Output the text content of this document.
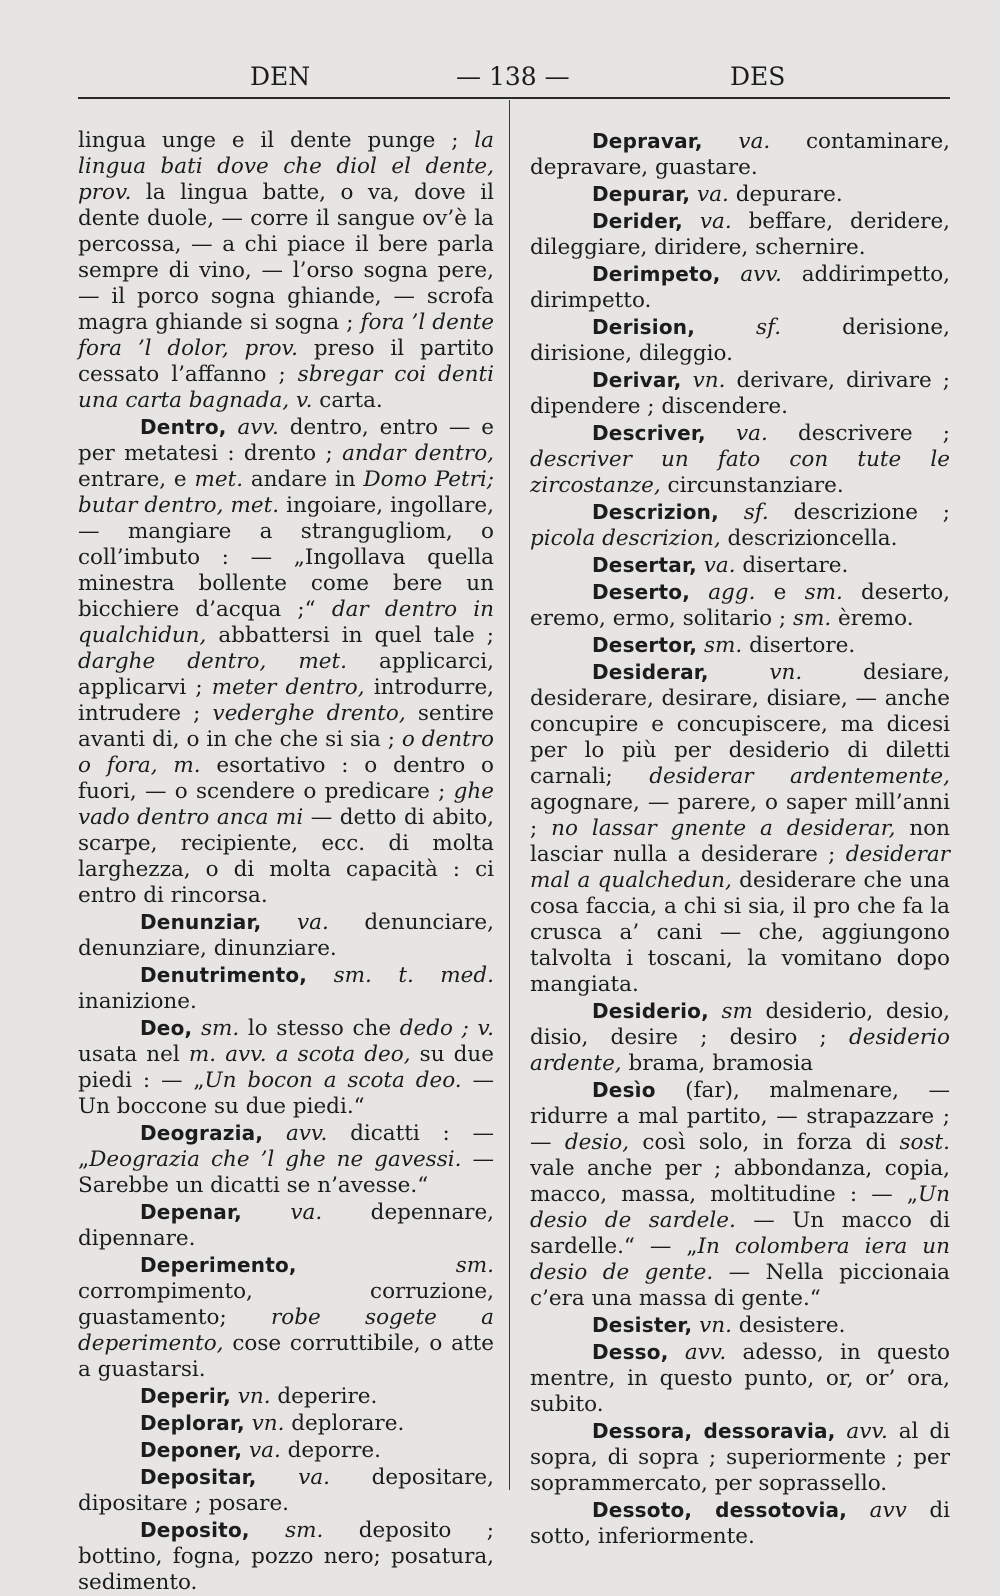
DEN	— 138 —	DES

lingua unge e il dente punge ; la lingua bati dove che diol el dente, prov. la lingua batte, o va, dove il dente duole, — corre il sangue ov’è la percossa, — a chi piace il bere parla sempre di vino, — l’orso sogna pere, — il porco sogna ghiande, — scrofa magra ghiande si sogna ; fora ’l dente fora ’l dolor, prov. preso il partito cessato l’affanno ; sbregar coi denti una carta bagnada, v. carta.

Dentro, avv. dentro, entro — e per metatesi : drento ; andar dentro, entrare, e met. andare in Domo Petri; butar dentro, met. ingoiare, ingollare, — mangiare a strangugliom, o coll’imbuto : — „Ingollava quella minestra bollente come bere un bicchiere d’acqua ;“ dar dentro in qualchidun, abbattersi in quel tale ; darghe dentro, met. applicarci, applicarvi ; meter dentro, introdurre, intrudere ; vederghe drento, sentire avanti di, o in che che si sia ; o dentro o fora, m. esortativo : o dentro o fuori, — o scendere o predicare ; ghe vado dentro anca mi — detto di abito, scarpe, recipiente, ecc. di molta larghezza, o di molta capacità : ci entro di rincorsa.

Denunziar, va. denunciare, denunziare, dinunziare.

Denutrimento, sm. t. med. inanizione.

Deo, sm. lo stesso che dedo ; v. usata nel m. avv. a scota deo, su due piedi : — „Un bocon a scota deo. — Un boccone su due piedi.“

Deograzia, avv. dicatti : — „Deograzia che ’l ghe ne gavessi. — Sarebbe un dicatti se n’avesse.“

Depenar, va. depennare, dipennare.

Deperimento,	sm. corrompimento, corruzione, guastamento; robe sogete a deperimento, cose corruttibile, o atte a guastarsi.

Deperir, vn. deperire.

Deplorar, vn. deplorare.

Deponer, va. deporre.

Depositar, va. depositare, dipositare ; posare.

Deposito, sm. deposito ; bottino, fogna, pozzo nero; posatura, sedimento.

Depravar, va. contaminare, depravare, guastare.

Depurar, va. depurare.

Derider, va. beffare, deridere, dileggiare, diridere, schernire.

Derimpeto, avv. addirimpetto, dirimpetto.

Derision,	sf. derisione, dirisione, dileggio.

Derivar, vn. derivare, dirivare ; dipendere ; discendere.

Descriver, va. descrivere ; descriver un fato con tute le zircostanze, circunstanziare.

Descrizion, sf. descrizione ; picola descrizion, descrizioncella.

Desertar, va. disertare.

Deserto, agg. e sm. deserto, eremo, ermo, solitario ; sm. èremo.

Desertor, sm. disertore.

Desiderar,	vn. desiare, desiderare, desirare, disiare, — anche concupire e concupiscere, ma dicesi per lo più per desiderio di diletti carnali; desiderar ardentemente, agognare, — parere, o saper mill’anni ; no lassar gnente a desiderar, non lasciar nulla a desiderare ; desiderar mal a qualchedun, desiderare che una cosa faccia, a chi si sia, il pro che fa la crusca a’ cani — che, aggiungono talvolta i toscani, la vomitano dopo mangiata.

Desiderio, sm desiderio, desio, disio, desire ; desiro ; desiderio ardente, brama, bramosia

Desìo (far), malmenare, — ridurre a mal partito, — strapazzare ; — desio, così solo, in forza di sost. vale anche per ; abbondanza, copia, macco, massa, moltitudine : — „Un desio de sardele. — Un macco di sardelle.“ — „In colombera iera un desio de gente. — Nella piccionaia c’era una massa di gente.“

Desister, vn. desistere.

Desso, avv. adesso, in questo mentre, in questo punto, or, or’ ora, subito.

Dessora, dessoravia, avv. al di sopra, di sopra ; superiormente ; per soprammercato, per soprassello.

Dessoto, dessotovia, avv di sotto, inferiormente.
